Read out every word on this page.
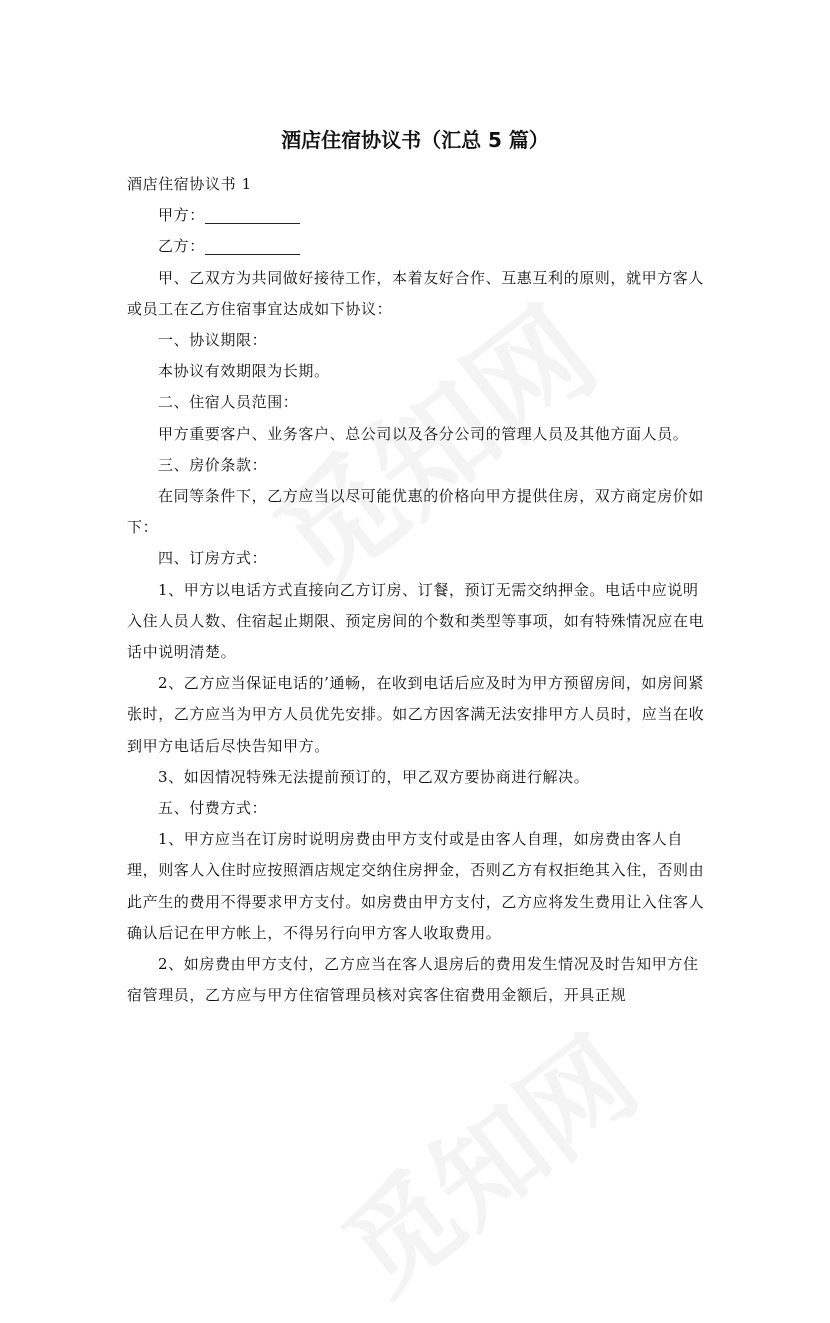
酒店住宿协议书（汇总 5 篇）

酒店住宿协议书 1

甲方：

乙方：

甲、乙双方为共同做好接待工作，本着友好合作、互惠互利的原则，就甲方客人或员工在乙方住宿事宜达成如下协议：

一、协议期限：

本协议有效期限为长期。

二、住宿人员范围：

甲方重要客户、业务客户、总公司以及各分公司的管理人员及其他方面人员。

三、房价条款：

在同等条件下，乙方应当以尽可能优惠的价格向甲方提供住房，双方商定房价如下：

四、订房方式：

1、甲方以电话方式直接向乙方订房、订餐，预订无需交纳押金。电话中应说明入住人员人数、住宿起止期限、预定房间的个数和类型等事项，如有特殊情况应在电话中说明清楚。

2、乙方应当保证电话的’通畅，在收到电话后应及时为甲方预留房间，如房间紧张时，乙方应当为甲方人员优先安排。如乙方因客满无法安排甲方人员时，应当在收到甲方电话后尽快告知甲方。

3、如因情况特殊无法提前预订的，甲乙双方要协商进行解决。

五、付费方式：

1、甲方应当在订房时说明房费由甲方支付或是由客人自理，如房费由客人自理，则客人入住时应按照酒店规定交纳住房押金，否则乙方有权拒绝其入住，否则由此产生的费用不得要求甲方支付。如房费由甲方支付，乙方应将发生费用让入住客人确认后记在甲方帐上，不得另行向甲方客人收取费用。

2、如房费由甲方支付，乙方应当在客人退房后的费用发生情况及时告知甲方住宿管理员，乙方应与甲方住宿管理员核对宾客住宿费用金额后，开具正规
